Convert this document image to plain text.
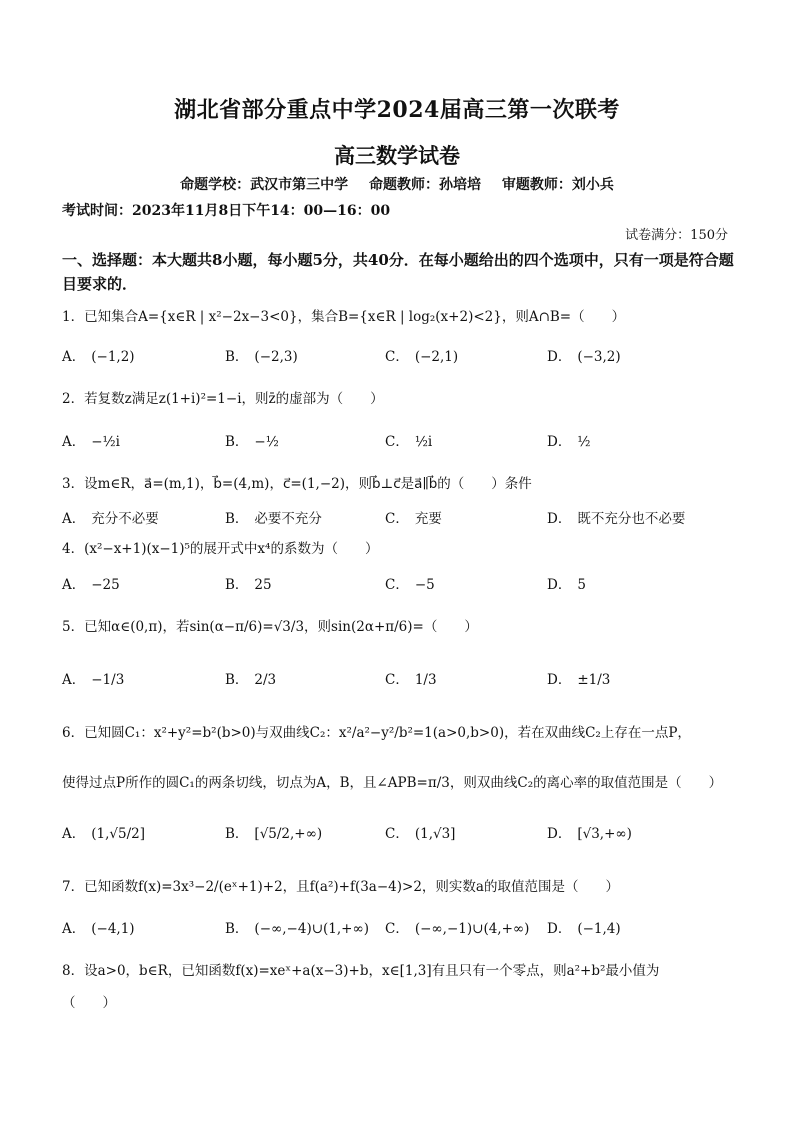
湖北省部分重点中学2024届高三第一次联考
高三数学试卷
命题学校：武汉市第三中学 命题教师：孙培培 审题教师：刘小兵
考试时间：2023年11月8日下午14：00—16：00
试卷满分：150分
一、选择题：本大题共8小题，每小题5分，共40分．在每小题给出的四个选项中，只有一项是符合题目要求的．
1．已知集合A={x∈R | x²−2x−3<0}，集合B={x∈R | log₂(x+2)<2}，则A∩B=（　　）
A． (−1,2)	B． (−2,3)	C． (−2,1)	D． (−3,2)
2．若复数z满足z(1+i)²=1−i，则z̄的虚部为（　　）
A． −½i	B． −½	C． ½i	D． ½
3．设m∈R，a⃗=(m,1)，b⃗=(4,m)，c⃗=(1,−2)，则b⃗⊥c⃗是a⃗∥b⃗的（　　）条件
A． 充分不必要	B． 必要不充分	C． 充要	D． 既不充分也不必要
4．(x²−x+1)(x−1)⁵的展开式中x⁴的系数为（　　）
A． −25	B． 25	C． −5	D． 5
5．已知α∈(0,π)，若sin(α−π/6)=√3/3，则sin(2α+π/6)=（　　）
A． −1/3	B． 2/3	C． 1/3	D． ±1/3
6．已知圆C₁：x²+y²=b²(b>0)与双曲线C₂：x²/a²−y²/b²=1(a>0,b>0)，若在双曲线C₂上存在一点P，
使得过点P所作的圆C₁的两条切线，切点为A，B，且∠APB=π/3，则双曲线C₂的离心率的取值范围是（　　）
A． (1,√5/2]	B． [√5/2,+∞)	C． (1,√3]	D． [√3,+∞)
7．已知函数f(x)=3x³−2/(eˣ+1)+2，且f(a²)+f(3a−4)>2，则实数a的取值范围是（　　）
A． (−4,1)	B． (−∞,−4)∪(1,+∞) C． (−∞,−1)∪(4,+∞) D． (−1,4)
8．设a>0，b∈R，已知函数f(x)=xeˣ+a(x−3)+b，x∈[1,3]有且只有一个零点，则a²+b²最小值为
（　　）
